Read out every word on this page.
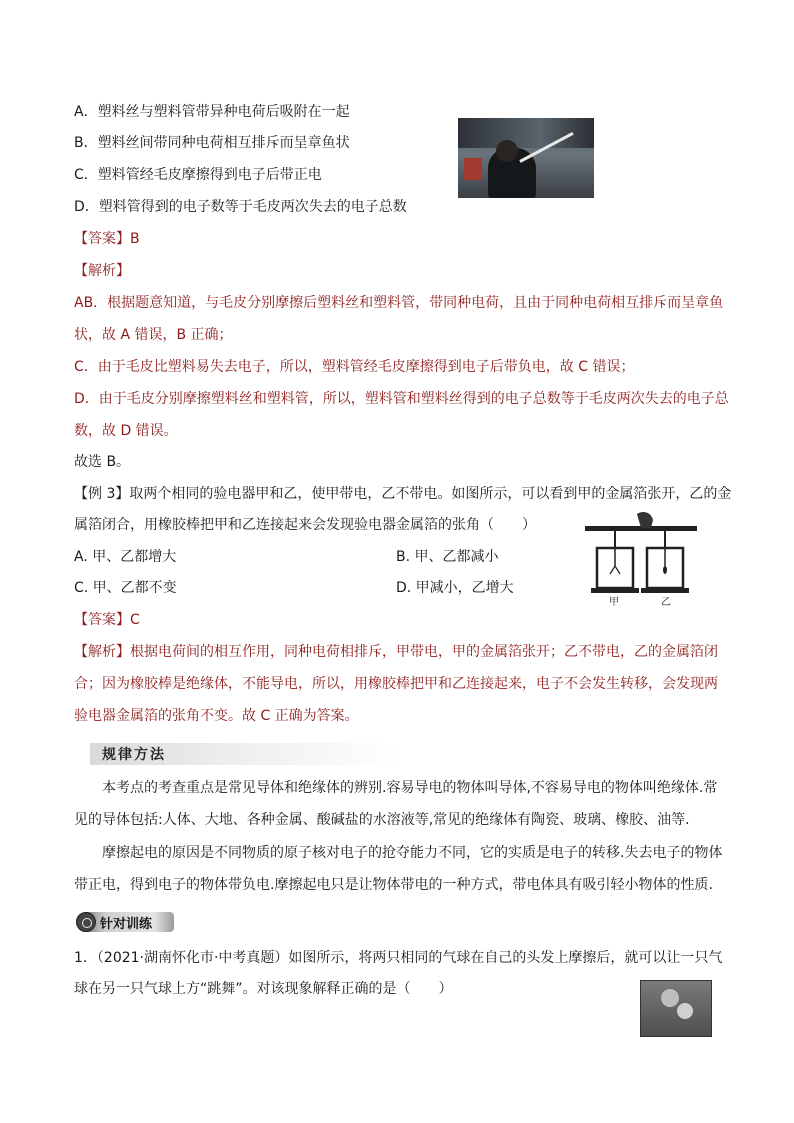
A．塑料丝与塑料管带异种电荷后吸附在一起
B．塑料丝间带同种电荷相互排斥而呈章鱼状
C．塑料管经毛皮摩擦得到电子后带正电
D．塑料管得到的电子数等于毛皮两次失去的电子总数
【答案】B
【解析】
AB．根据题意知道，与毛皮分别摩擦后塑料丝和塑料管，带同种电荷，且由于同种电荷相互排斥而呈章鱼
状，故 A 错误，B 正确；
C．由于毛皮比塑料易失去电子，所以，塑料管经毛皮摩擦得到电子后带负电，故 C 错误；
D．由于毛皮分别摩擦塑料丝和塑料管，所以，塑料管和塑料丝得到的电子总数等于毛皮两次失去的电子总
数，故 D 错误。
故选 B。
【例 3】取两个相同的验电器甲和乙，使甲带电，乙不带电。如图所示，可以看到甲的金属箔张开，乙的金
属箔闭合，用橡胶棒把甲和乙连接起来会发现验电器金属箔的张角（　　）
A. 甲、乙都增大	B. 甲、乙都减小
C. 甲、乙都不变	D. 甲减小，乙增大
甲	乙
【答案】C
【解析】根据电荷间的相互作用，同种电荷相排斥，甲带电，甲的金属箔张开；乙不带电，乙的金属箔闭
合；因为橡胶棒是绝缘体，不能导电，所以，用橡胶棒把甲和乙连接起来，电子不会发生转移，会发现两
验电器金属箔的张角不变。故 C 正确为答案。
规律方法
本考点的考查重点是常见导体和绝缘体的辨别.容易导电的物体叫导体,不容易导电的物体叫绝缘体.常
见的导体包括:人体、大地、各种金属、酸碱盐的水溶液等,常见的绝缘体有陶瓷、玻璃、橡胶、油等.
摩擦起电的原因是不同物质的原子核对电子的抢夺能力不同，它的实质是电子的转移.失去电子的物体
带正电，得到电子的物体带负电.摩擦起电只是让物体带电的一种方式，带电体具有吸引轻小物体的性质.
针对训练
1．（2021·湖南怀化市·中考真题）如图所示，将两只相同的气球在自己的头发上摩擦后，就可以让一只气
球在另一只气球上方“跳舞”。对该现象解释正确的是（　　）
